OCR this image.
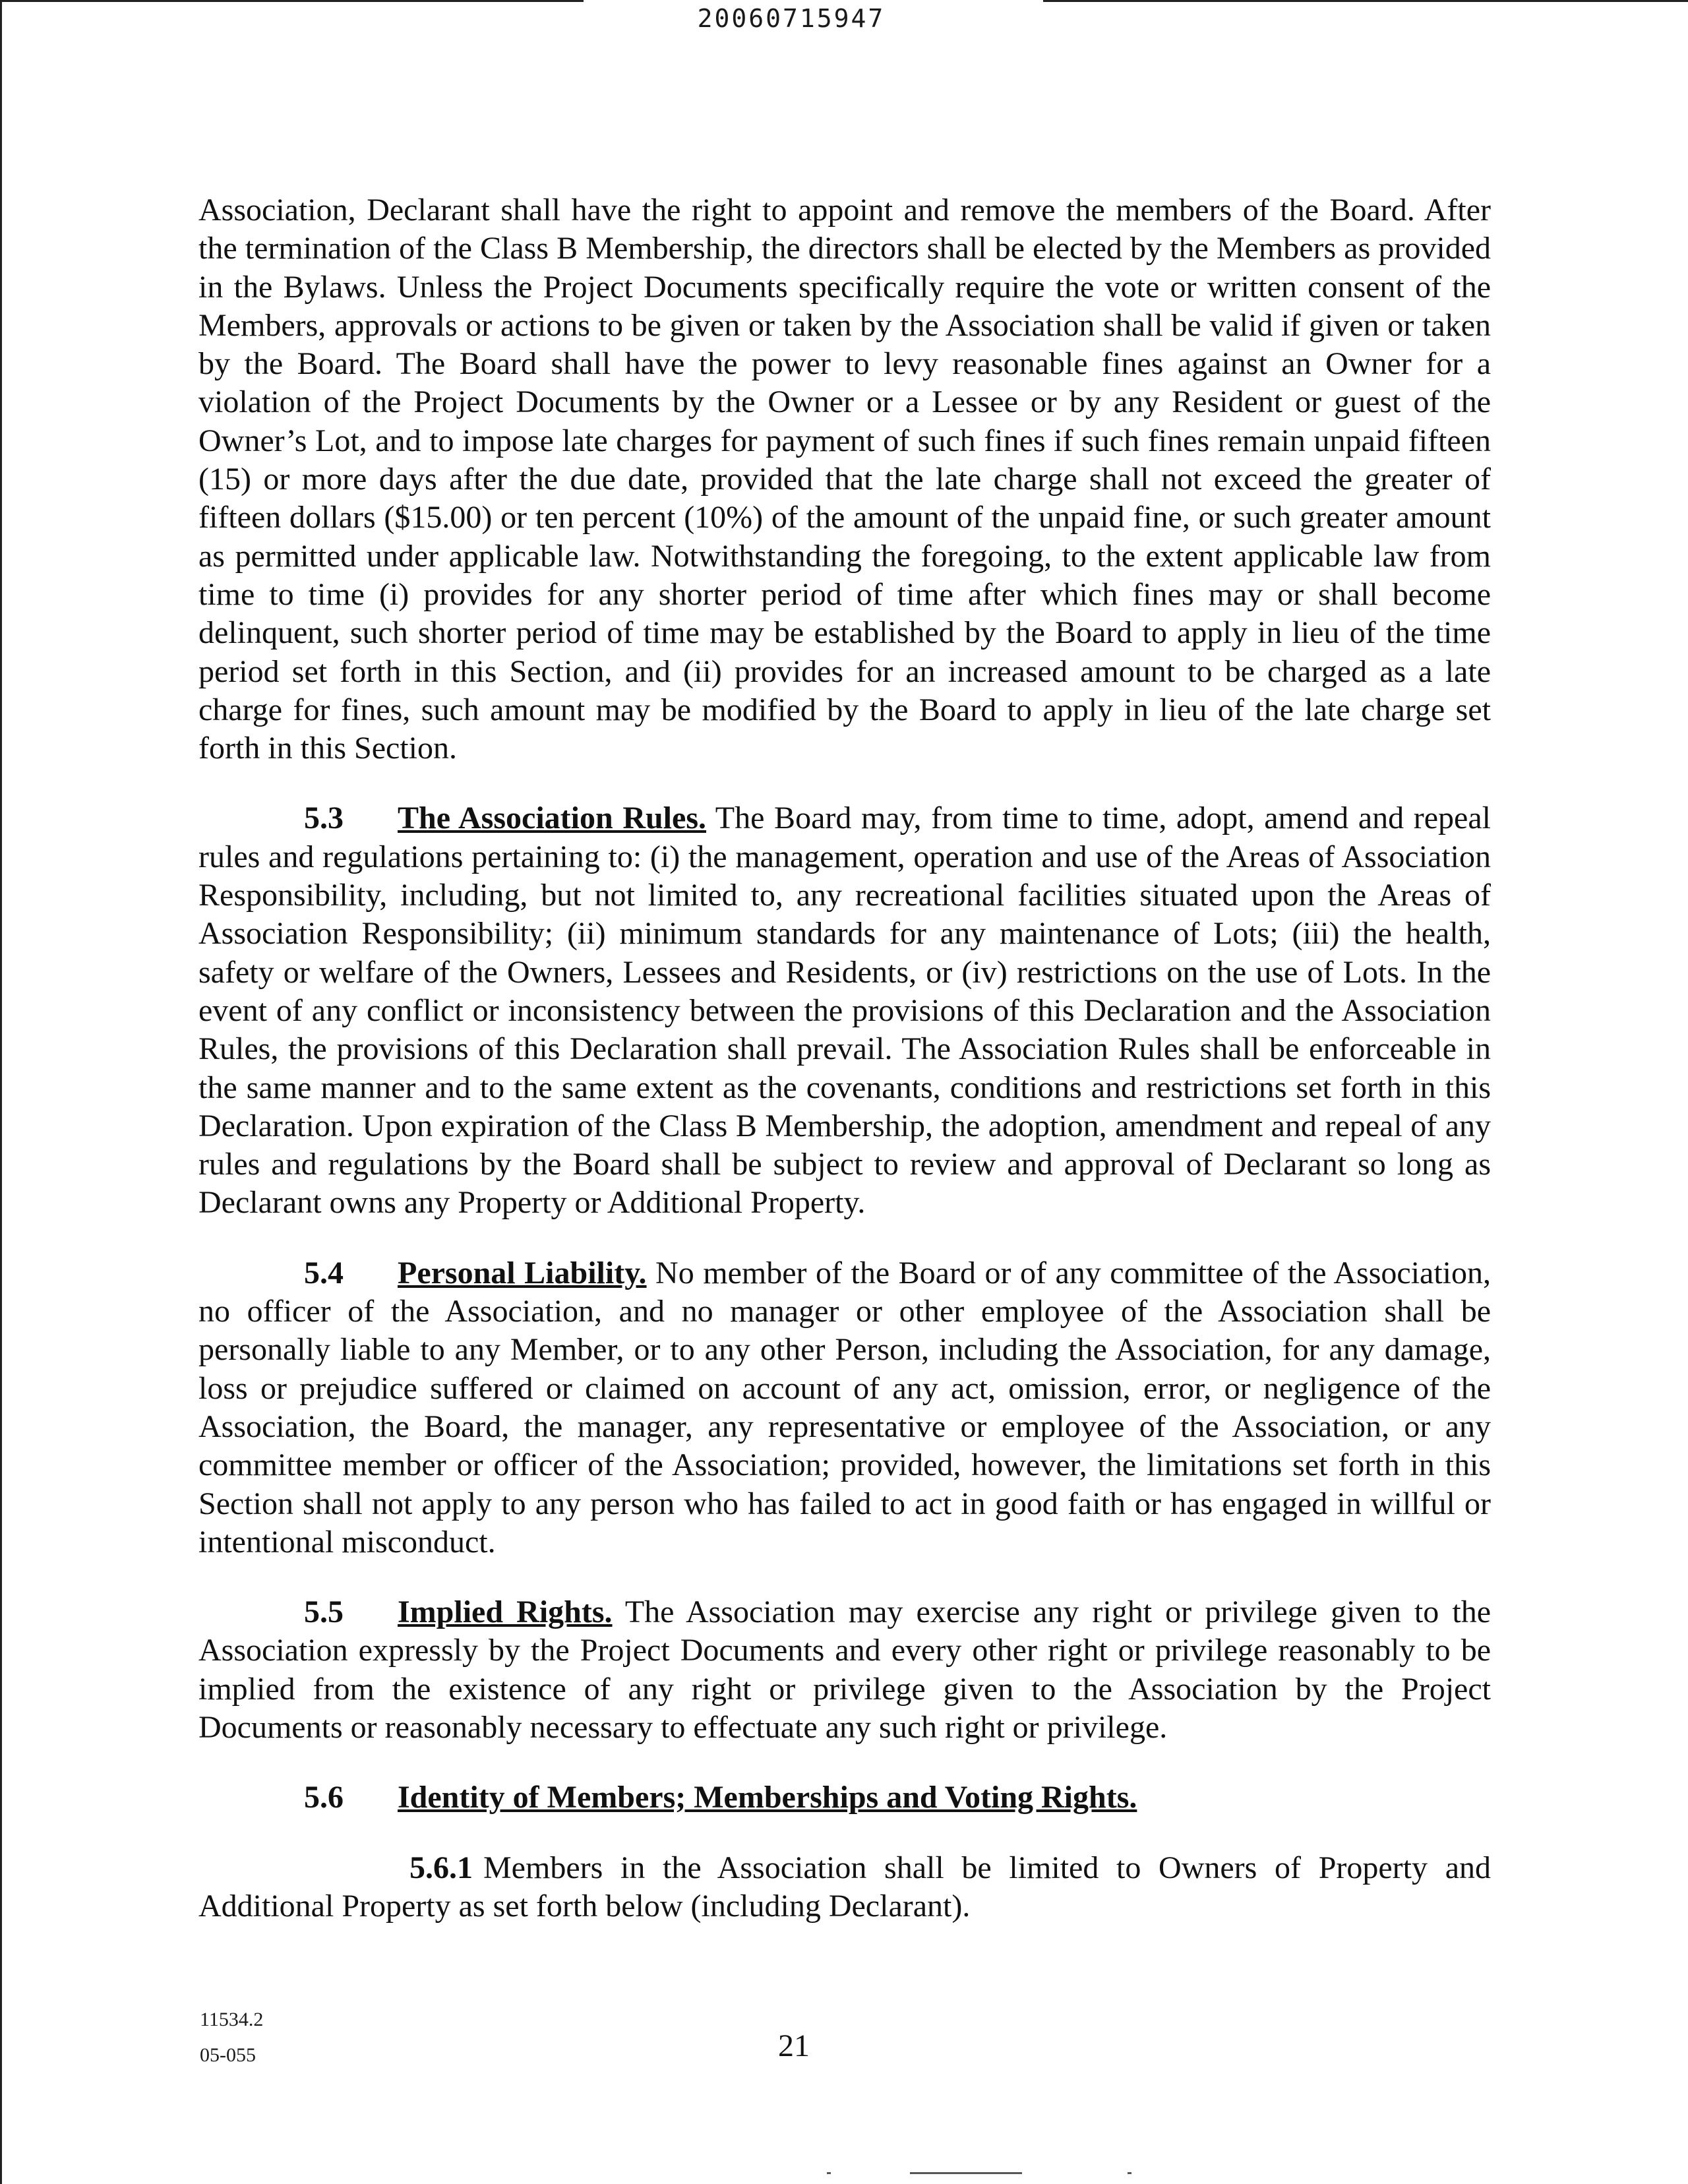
20060715947

Association, Declarant shall have the right to appoint and remove the members of the Board. After the termination of the Class B Membership, the directors shall be elected by the Members as provided in the Bylaws. Unless the Project Documents specifically require the vote or written consent of the Members, approvals or actions to be given or taken by the Association shall be valid if given or taken by the Board. The Board shall have the power to levy reasonable fines against an Owner for a violation of the Project Documents by the Owner or a Lessee or by any Resident or guest of the Owner’s Lot, and to impose late charges for payment of such fines if such fines remain unpaid fifteen (15) or more days after the due date, provided that the late charge shall not exceed the greater of fifteen dollars ($15.00) or ten percent (10%) of the amount of the unpaid fine, or such greater amount as permitted under applicable law. Notwithstanding the foregoing, to the extent applicable law from time to time (i) provides for any shorter period of time after which fines may or shall become delinquent, such shorter period of time may be established by the Board to apply in lieu of the time period set forth in this Section, and (ii) provides for an increased amount to be charged as a late charge for fines, such amount may be modified by the Board to apply in lieu of the late charge set forth in this Section.

5.3 The Association Rules. The Board may, from time to time, adopt, amend and repeal rules and regulations pertaining to: (i) the management, operation and use of the Areas of Association Responsibility, including, but not limited to, any recreational facilities situated upon the Areas of Association Responsibility; (ii) minimum standards for any maintenance of Lots; (iii) the health, safety or welfare of the Owners, Lessees and Residents, or (iv) restrictions on the use of Lots. In the event of any conflict or inconsistency between the provisions of this Declaration and the Association Rules, the provisions of this Declaration shall prevail. The Association Rules shall be enforceable in the same manner and to the same extent as the covenants, conditions and restrictions set forth in this Declaration. Upon expiration of the Class B Membership, the adoption, amendment and repeal of any rules and regulations by the Board shall be subject to review and approval of Declarant so long as Declarant owns any Property or Additional Property.

5.4 Personal Liability. No member of the Board or of any committee of the Association, no officer of the Association, and no manager or other employee of the Association shall be personally liable to any Member, or to any other Person, including the Association, for any damage, loss or prejudice suffered or claimed on account of any act, omission, error, or negligence of the Association, the Board, the manager, any representative or employee of the Association, or any committee member or officer of the Association; provided, however, the limitations set forth in this Section shall not apply to any person who has failed to act in good faith or has engaged in willful or intentional misconduct.

5.5 Implied Rights. The Association may exercise any right or privilege given to the Association expressly by the Project Documents and every other right or privilege reasonably to be implied from the existence of any right or privilege given to the Association by the Project Documents or reasonably necessary to effectuate any such right or privilege.

5.6 Identity of Members; Memberships and Voting Rights.

5.6.1 Members in the Association shall be limited to Owners of Property and Additional Property as set forth below (including Declarant).

11534.2
05-055	21
